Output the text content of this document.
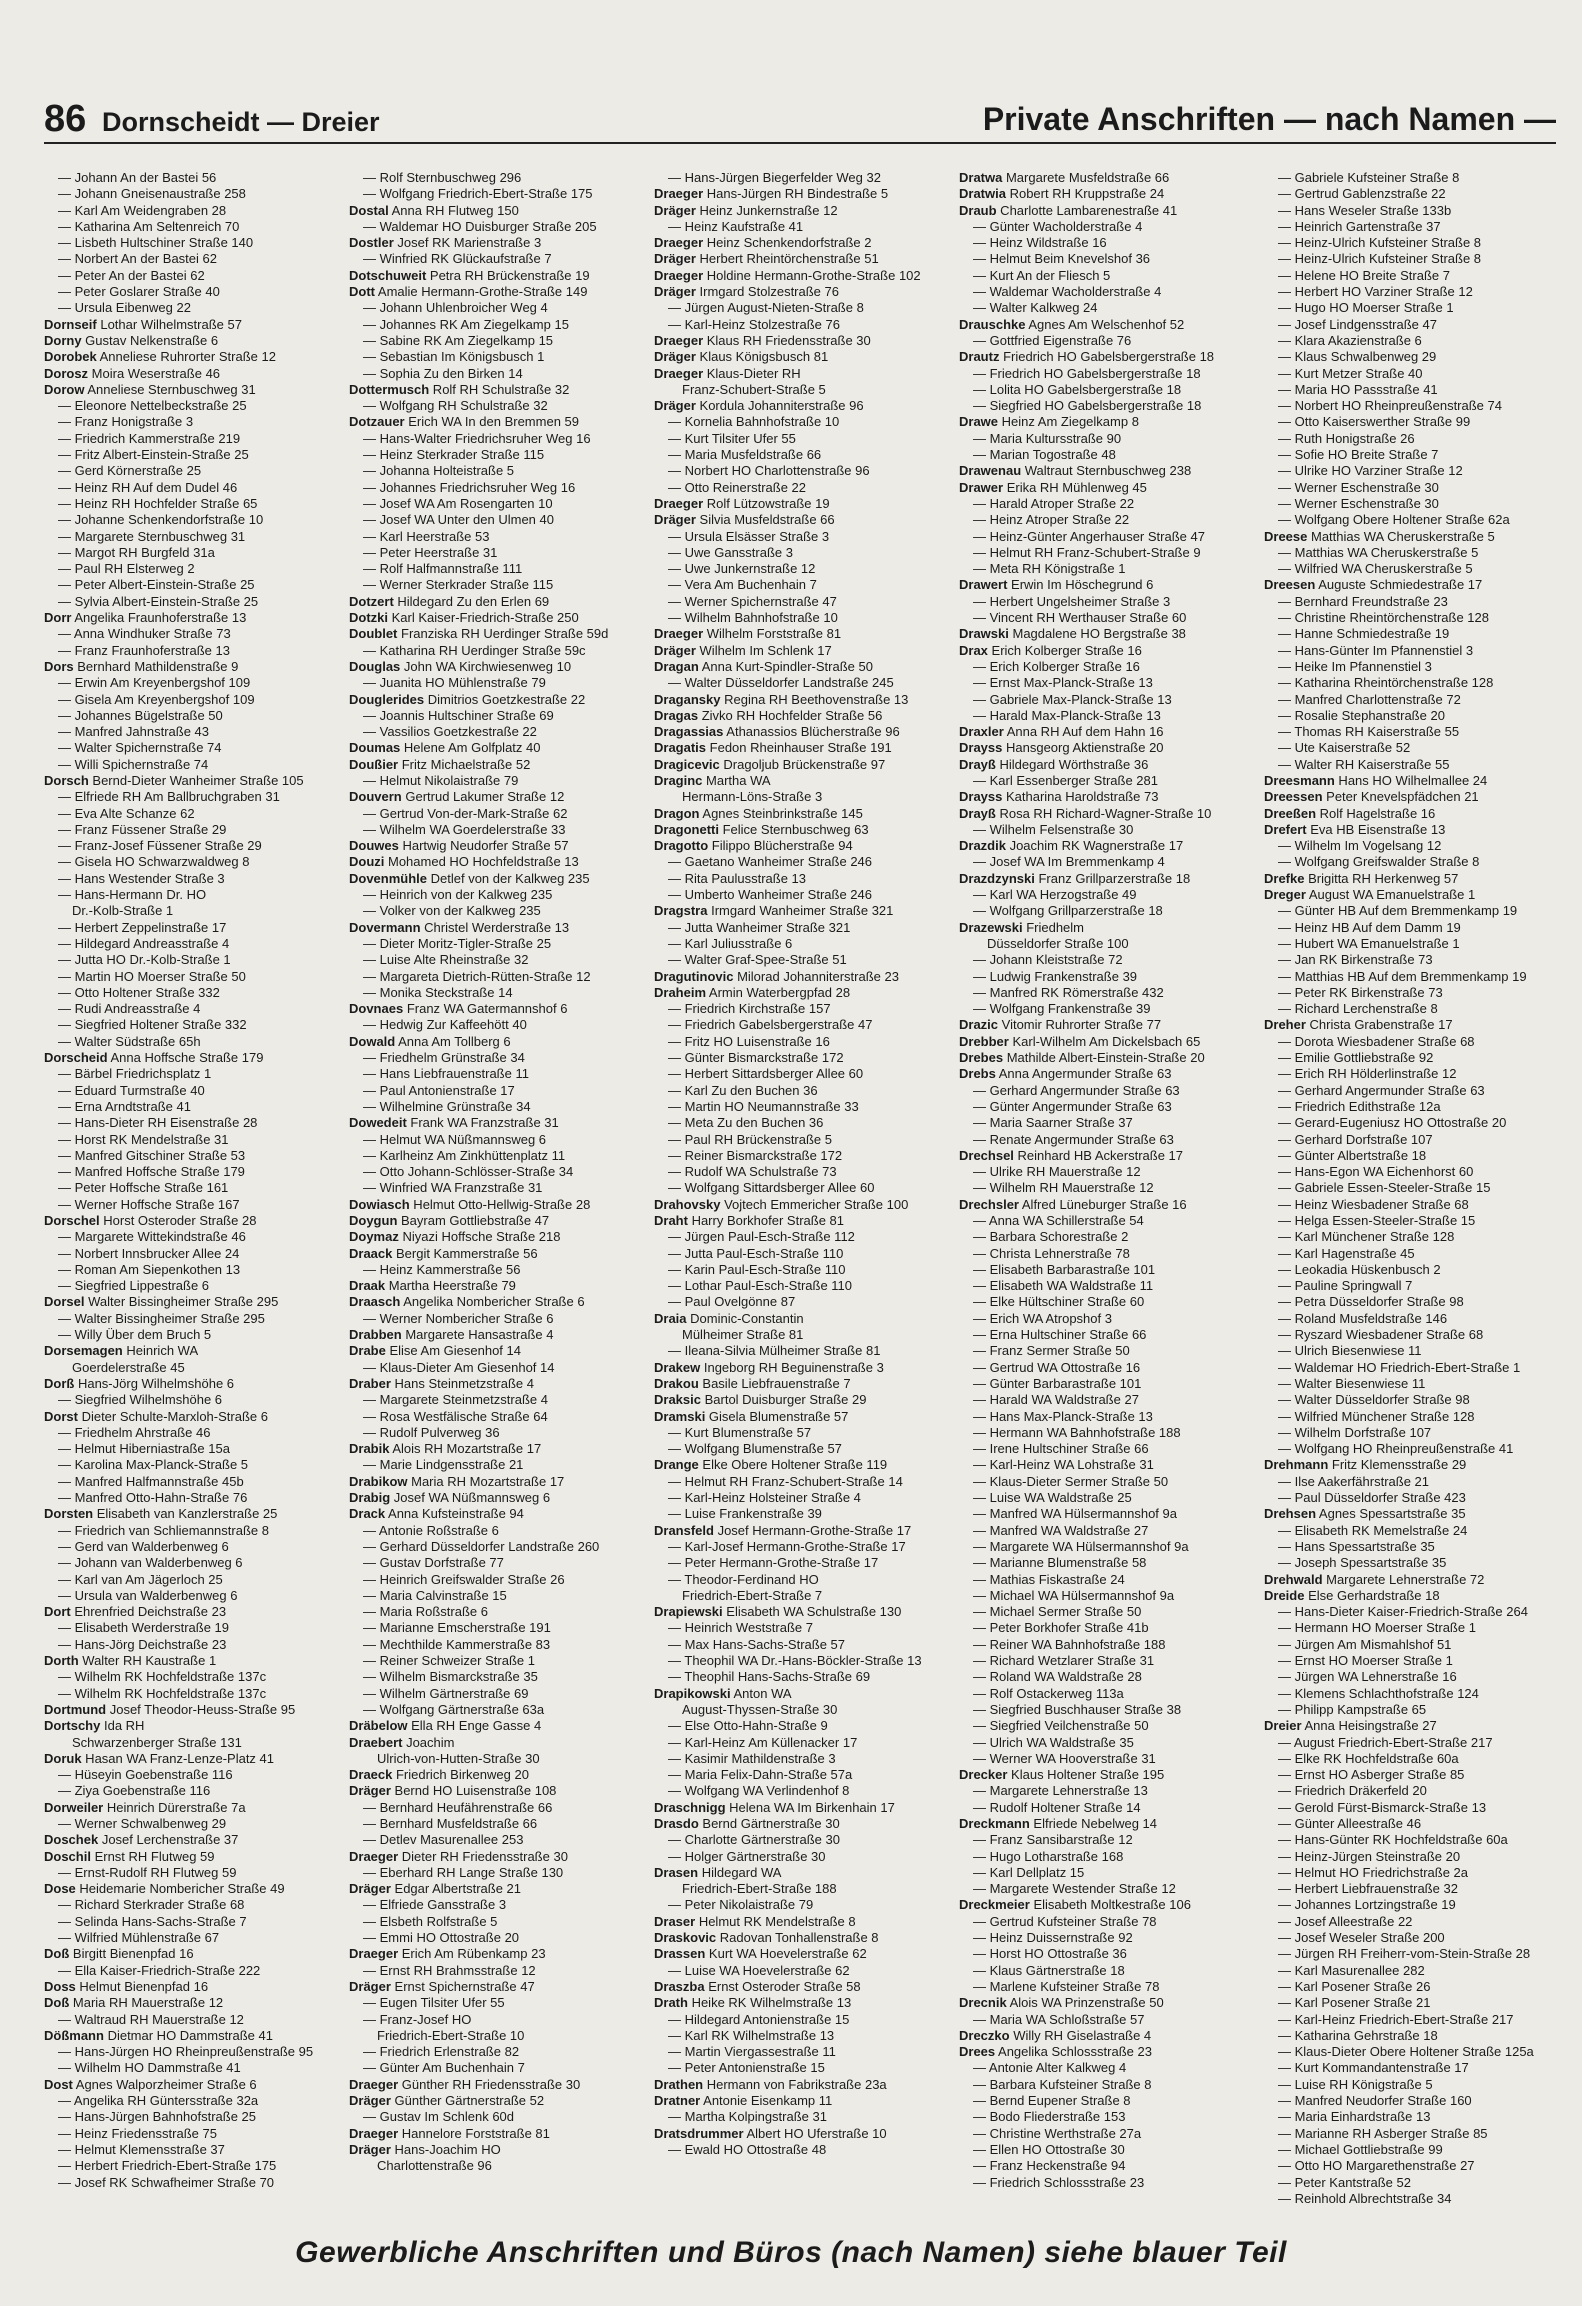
86 Dornscheidt — Dreier	Private Anschriften — nach Namen —
— Johann An der Bastei 56
— Johann Gneisenaustraße 258
— Karl Am Weidengraben 28
— Katharina Am Seltenreich 70
— Lisbeth Hultschiner Straße 140
— Norbert An der Bastei 62
— Peter An der Bastei 62
— Peter Goslarer Straße 40
— Ursula Eibenweg 22
Dornseif Lothar Wilhelmstraße 57
Dorny Gustav Nelkenstraße 6
Dorobek Anneliese Ruhrorter Straße 12
Dorosz Moira Weserstraße 46
Dorow Anneliese Sternbuschweg 31
— Eleonore Nettelbeckstraße 25
— Franz Honigstraße 3
— Friedrich Kammerstraße 219
— Fritz Albert-Einstein-Straße 25
— Gerd Körnerstraße 25
— Heinz RH Auf dem Dudel 46
— Heinz RH Hochfelder Straße 65
— Johanne Schenkendorfstraße 10
— Margarete Sternbuschweg 31
— Margot RH Burgfeld 31a
— Paul RH Elsterweg 2
— Peter Albert-Einstein-Straße 25
— Sylvia Albert-Einstein-Straße 25
Dorr Angelika Fraunhoferstraße 13
— Anna Windhuker Straße 73
— Franz Fraunhoferstraße 13
Dors Bernhard Mathildenstraße 9
— Erwin Am Kreyenbergshof 109
— Gisela Am Kreyenbergshof 109
— Johannes Bügelstraße 50
— Manfred Jahnstraße 43
— Walter Spichernstraße 74
— Willi Spichernstraße 74
Dorsch Bernd-Dieter Wanheimer Straße 105
— Elfriede RH Am Ballbruchgraben 31
— Eva Alte Schanze 62
— Franz Füssener Straße 29
— Franz-Josef Füssener Straße 29
— Gisela HO Schwarzwaldweg 8
— Hans Westender Straße 3
— Hans-Hermann Dr. HO
Dr.-Kolb-Straße 1
— Herbert Zeppelinstraße 17
— Hildegard Andreasstraße 4
— Jutta HO Dr.-Kolb-Straße 1
— Martin HO Moerser Straße 50
— Otto Holtener Straße 332
— Rudi Andreasstraße 4
— Siegfried Holtener Straße 332
— Walter Südstraße 65h
Dorscheid Anna Hoffsche Straße 179
— Bärbel Friedrichsplatz 1
— Eduard Turmstraße 40
— Erna Arndtstraße 41
— Hans-Dieter RH Eisenstraße 28
— Horst RK Mendelstraße 31
— Manfred Gitschiner Straße 53
— Manfred Hoffsche Straße 179
— Peter Hoffsche Straße 161
— Werner Hoffsche Straße 167
Dorschel Horst Osteroder Straße 28
— Margarete Wittekindstraße 46
— Norbert Innsbrucker Allee 24
— Roman Am Siepenkothen 13
— Siegfried Lippestraße 6
Dorsel Walter Bissingheimer Straße 295
— Walter Bissingheimer Straße 295
— Willy Über dem Bruch 5
Dorsemagen Heinrich WA
Goerdelerstraße 45
Dorß Hans-Jörg Wilhelmshöhe 6
— Siegfried Wilhelmshöhe 6
Dorst Dieter Schulte-Marxloh-Straße 6
— Friedhelm Ahrstraße 46
— Helmut Hiberniastraße 15a
— Karolina Max-Planck-Straße 5
— Manfred Halfmannstraße 45b
— Manfred Otto-Hahn-Straße 76
Dorsten Elisabeth van Kanzlerstraße 25
— Friedrich van Schliemannstraße 8
— Gerd van Walderbenweg 6
— Johann van Walderbenweg 6
— Karl van Am Jägerloch 25
— Ursula van Walderbenweg 6
Dort Ehrenfried Deichstraße 23
— Elisabeth Werderstraße 19
— Hans-Jörg Deichstraße 23
Dorth Walter RH Kaustraße 1
— Wilhelm RK Hochfeldstraße 137c
— Wilhelm RK Hochfeldstraße 137c
Dortmund Josef Theodor-Heuss-Straße 95
Dortschy Ida RH
Schwarzenberger Straße 131
Doruk Hasan WA Franz-Lenze-Platz 41
— Hüseyin Goebenstraße 116
— Ziya Goebenstraße 116
Dorweiler Heinrich Dürerstraße 7a
— Werner Schwalbenweg 29
Doschek Josef Lerchenstraße 37
Doschil Ernst RH Flutweg 59
— Ernst-Rudolf RH Flutweg 59
Dose Heidemarie Nombericher Straße 49
— Richard Sterkrader Straße 68
— Selinda Hans-Sachs-Straße 7
— Wilfried Mühlenstraße 67
Doß Birgitt Bienenpfad 16
— Ella Kaiser-Friedrich-Straße 222
Doss Helmut Bienenpfad 16
Doß Maria RH Mauerstraße 12
— Waltraud RH Mauerstraße 12
Dößmann Dietmar HO Dammstraße 41
— Hans-Jürgen HO Rheinpreußenstraße 95
— Wilhelm HO Dammstraße 41
Dost Agnes Walporzheimer Straße 6
— Angelika RH Güntersstraße 32a
— Hans-Jürgen Bahnhofstraße 25
— Heinz Friedensstraße 75
— Helmut Klemensstraße 37
— Herbert Friedrich-Ebert-Straße 175
— Josef RK Schwafheimer Straße 70
— Rolf Sternbuschweg 296
— Wolfgang Friedrich-Ebert-Straße 175
Dostal Anna RH Flutweg 150
— Waldemar HO Duisburger Straße 205
Dostler Josef RK Marienstraße 3
— Winfried RK Glückaufstraße 7
Dotschuweit Petra RH Brückenstraße 19
Dott Amalie Hermann-Grothe-Straße 149
— Johann Uhlenbroicher Weg 4
— Johannes RK Am Ziegelkamp 15
— Sabine RK Am Ziegelkamp 15
— Sebastian Im Königsbusch 1
— Sophia Zu den Birken 14
Dottermusch Rolf RH Schulstraße 32
— Wolfgang RH Schulstraße 32
Dotzauer Erich WA In den Bremmen 59
— Hans-Walter Friedrichsruher Weg 16
— Heinz Sterkrader Straße 115
— Johanna Holteistraße 5
— Johannes Friedrichsruher Weg 16
— Josef WA Am Rosengarten 10
— Josef WA Unter den Ulmen 40
— Karl Heerstraße 53
— Peter Heerstraße 31
— Rolf Halfmannstraße 111
— Werner Sterkrader Straße 115
Dotzert Hildegard Zu den Erlen 69
Dotzki Karl Kaiser-Friedrich-Straße 250
Doublet Franziska RH Uerdinger Straße 59d
— Katharina RH Uerdinger Straße 59c
Douglas John WA Kirchwiesenweg 10
— Juanita HO Mühlenstraße 79
Douglerides Dimitrios Goetzkestraße 22
— Joannis Hultschiner Straße 69
— Vassilios Goetzkestraße 22
Doumas Helene Am Golfplatz 40
Doußier Fritz Michaelstraße 52
— Helmut Nikolaistraße 79
Douvern Gertrud Lakumer Straße 12
— Gertrud Von-der-Mark-Straße 62
— Wilhelm WA Goerdelerstraße 33
Douwes Hartwig Neudorfer Straße 57
Douzi Mohamed HO Hochfeldstraße 13
Dovenmühle Detlef von der Kalkweg 235
— Heinrich von der Kalkweg 235
— Volker von der Kalkweg 235
Dovermann Christel Werderstraße 13
— Dieter Moritz-Tigler-Straße 25
— Luise Alte Rheinstraße 32
— Margareta Dietrich-Rütten-Straße 12
— Monika Steckstraße 14
Dovnaes Franz WA Gatermannshof 6
— Hedwig Zur Kaffeehött 40
Dowald Anna Am Tollberg 6
— Friedhelm Grünstraße 34
— Hans Liebfrauenstraße 11
— Paul Antonienstraße 17
— Wilhelmine Grünstraße 34
Dowedeit Frank WA Franzstraße 31
— Helmut WA Nüßmannsweg 6
— Karlheinz Am Zinkhüttenplatz 11
— Otto Johann-Schlösser-Straße 34
— Winfried WA Franzstraße 31
Dowiasch Helmut Otto-Hellwig-Straße 28
Doygun Bayram Gottliebstraße 47
Doymaz Niyazi Hoffsche Straße 218
Draack Bergit Kammerstraße 56
— Heinz Kammerstraße 56
Draak Martha Heerstraße 79
Draasch Angelika Nombericher Straße 6
— Werner Nombericher Straße 6
Drabben Margarete Hansastraße 4
Drabe Elise Am Giesenhof 14
— Klaus-Dieter Am Giesenhof 14
Draber Hans Steinmetzstraße 4
— Margarete Steinmetzstraße 4
— Rosa Westfälische Straße 64
— Rudolf Pulverweg 36
Drabik Alois RH Mozartstraße 17
— Marie Lindgensstraße 21
Drabikow Maria RH Mozartstraße 17
Drabig Josef WA Nüßmannsweg 6
Drack Anna Kufsteinstraße 94
— Antonie Roßstraße 6
— Gerhard Düsseldorfer Landstraße 260
— Gustav Dorfstraße 77
— Heinrich Greifswalder Straße 26
— Maria Calvinstraße 15
— Maria Roßstraße 6
— Marianne Emscherstraße 191
— Mechthilde Kammerstraße 83
— Reiner Schweizer Straße 1
— Wilhelm Bismarckstraße 35
— Wilhelm Gärtnerstraße 69
— Wolfgang Gärtnerstraße 63a
Dräbelow Ella RH Enge Gasse 4
Draebert Joachim
Ulrich-von-Hutten-Straße 30
Draeck Friedrich Birkenweg 20
Dräger Bernd HO Luisenstraße 108
— Bernhard Heufährenstraße 66
— Bernhard Musfeldstraße 66
— Detlev Masurenallee 253
Draeger Dieter RH Friedensstraße 30
— Eberhard RH Lange Straße 130
Dräger Edgar Albertstraße 21
— Elfriede Gansstraße 3
— Elsbeth Rolfstraße 5
— Emmi HO Ottostraße 20
Draeger Erich Am Rübenkamp 23
— Ernst RH Brahmsstraße 12
Dräger Ernst Spichernstraße 47
— Eugen Tilsiter Ufer 55
— Franz-Josef HO
Friedrich-Ebert-Straße 10
— Friedrich Erlenstraße 82
— Günter Am Buchenhain 7
Draeger Günther RH Friedensstraße 30
Dräger Günther Gärtnerstraße 52
— Gustav Im Schlenk 60d
Draeger Hannelore Forststraße 81
Dräger Hans-Joachim HO
Charlottenstraße 96
— Hans-Jürgen Biegerfelder Weg 32
Draeger Hans-Jürgen RH Bindestraße 5
Dräger Heinz Junkernstraße 12
— Heinz Kaufstraße 41
Draeger Heinz Schenkendorfstraße 2
Dräger Herbert Rheintörchenstraße 51
Draeger Holdine Hermann-Grothe-Straße 102
Dräger Irmgard Stolzestraße 76
— Jürgen August-Nieten-Straße 8
— Karl-Heinz Stolzestraße 76
Draeger Klaus RH Friedensstraße 30
Dräger Klaus Königsbusch 81
Draeger Klaus-Dieter RH
Franz-Schubert-Straße 5
Dräger Kordula Johanniterstraße 96
— Kornelia Bahnhofstraße 10
— Kurt Tilsiter Ufer 55
— Maria Musfeldstraße 66
— Norbert HO Charlottenstraße 96
— Otto Reinerstraße 22
Draeger Rolf Lützowstraße 19
Dräger Silvia Musfeldstraße 66
— Ursula Elsässer Straße 3
— Uwe Gansstraße 3
— Uwe Junkernstraße 12
— Vera Am Buchenhain 7
— Werner Spichernstraße 47
— Wilhelm Bahnhofstraße 10
Draeger Wilhelm Forststraße 81
Dräger Wilhelm Im Schlenk 17
Dragan Anna Kurt-Spindler-Straße 50
— Walter Düsseldorfer Landstraße 245
Dragansky Regina RH Beethovenstraße 13
Dragas Zivko RH Hochfelder Straße 56
Dragassias Athanassios Blücherstraße 96
Dragatis Fedon Rheinhauser Straße 191
Dragicevic Dragoljub Brückenstraße 97
Draginc Martha WA
Hermann-Löns-Straße 3
Dragon Agnes Steinbrinkstraße 145
Dragonetti Felice Sternbuschweg 63
Dragotto Filippo Blücherstraße 94
— Gaetano Wanheimer Straße 246
— Rita Paulusstraße 13
— Umberto Wanheimer Straße 246
Dragstra Irmgard Wanheimer Straße 321
— Jutta Wanheimer Straße 321
— Karl Juliusstraße 6
— Walter Graf-Spee-Straße 51
Dragutinovic Milorad Johanniterstraße 23
Draheim Armin Waterbergpfad 28
— Friedrich Kirchstraße 157
— Friedrich Gabelsbergerstraße 47
— Fritz HO Luisenstraße 16
— Günter Bismarckstraße 172
— Herbert Sittardsberger Allee 60
— Karl Zu den Buchen 36
— Martin HO Neumannstraße 33
— Meta Zu den Buchen 36
— Paul RH Brückenstraße 5
— Reiner Bismarckstraße 172
— Rudolf WA Schulstraße 73
— Wolfgang Sittardsberger Allee 60
Drahovsky Vojtech Emmericher Straße 100
Draht Harry Borkhofer Straße 81
— Jürgen Paul-Esch-Straße 112
— Jutta Paul-Esch-Straße 110
— Karin Paul-Esch-Straße 110
— Lothar Paul-Esch-Straße 110
— Paul Ovelgönne 87
Draia Dominic-Constantin
Mülheimer Straße 81
— Ileana-Silvia Mülheimer Straße 81
Drakew Ingeborg RH Beguinenstraße 3
Drakou Basile Liebfrauenstraße 7
Draksic Bartol Duisburger Straße 29
Dramski Gisela Blumenstraße 57
— Kurt Blumenstraße 57
— Wolfgang Blumenstraße 57
Drange Elke Obere Holtener Straße 119
— Helmut RH Franz-Schubert-Straße 14
— Karl-Heinz Holsteiner Straße 4
— Luise Frankenstraße 39
Dransfeld Josef Hermann-Grothe-Straße 17
— Karl-Josef Hermann-Grothe-Straße 17
— Peter Hermann-Grothe-Straße 17
— Theodor-Ferdinand HO
Friedrich-Ebert-Straße 7
Drapiewski Elisabeth WA Schulstraße 130
— Heinrich Weststraße 7
— Max Hans-Sachs-Straße 57
— Theophil WA Dr.-Hans-Böckler-Straße 13
— Theophil Hans-Sachs-Straße 69
Drapikowski Anton WA
August-Thyssen-Straße 30
— Else Otto-Hahn-Straße 9
— Karl-Heinz Am Küllenacker 17
— Kasimir Mathildenstraße 3
— Maria Felix-Dahn-Straße 57a
— Wolfgang WA Verlindenhof 8
Draschnigg Helena WA Im Birkenhain 17
Drasdo Bernd Gärtnerstraße 30
— Charlotte Gärtnerstraße 30
— Holger Gärtnerstraße 30
Drasen Hildegard WA
Friedrich-Ebert-Straße 188
— Peter Nikolaistraße 79
Draser Helmut RK Mendelstraße 8
Draskovic Radovan Tonhallenstraße 8
Drassen Kurt WA Hoevelerstraße 62
— Luise WA Hoevelerstraße 62
Draszba Ernst Osteroder Straße 58
Drath Heike RK Wilhelmstraße 13
— Hildegard Antonienstraße 15
— Karl RK Wilhelmstraße 13
— Martin Viergassestraße 11
— Peter Antonienstraße 15
Drathen Hermann von Fabrikstraße 23a
Dratner Antonie Eisenkamp 11
— Martha Kolpingstraße 31
Dratsdrummer Albert HO Uferstraße 10
— Ewald HO Ottostraße 48
Dratwa Margarete Musfeldstraße 66
Dratwia Robert RH Kruppstraße 24
Draub Charlotte Lambarenestraße 41
— Günter Wacholderstraße 4
— Heinz Wildstraße 16
— Helmut Beim Knevelshof 36
— Kurt An der Fliesch 5
— Waldemar Wacholderstraße 4
— Walter Kalkweg 24
Drauschke Agnes Am Welschenhof 52
— Gottfried Eigenstraße 76
Drautz Friedrich HO Gabelsbergerstraße 18
— Friedrich HO Gabelsbergerstraße 18
— Lolita HO Gabelsbergerstraße 18
— Siegfried HO Gabelsbergerstraße 18
Drawe Heinz Am Ziegelkamp 8
— Maria Kultursstraße 90
— Marian Togostraße 48
Drawenau Waltraut Sternbuschweg 238
Drawer Erika RH Mühlenweg 45
— Harald Atroper Straße 22
— Heinz Atroper Straße 22
— Heinz-Günter Angerhauser Straße 47
— Helmut RH Franz-Schubert-Straße 9
— Meta RH Königstraße 1
Drawert Erwin Im Höschegrund 6
— Herbert Ungelsheimer Straße 3
— Vincent RH Werthauser Straße 60
Drawski Magdalene HO Bergstraße 38
Drax Erich Kolberger Straße 16
— Erich Kolberger Straße 16
— Ernst Max-Planck-Straße 13
— Gabriele Max-Planck-Straße 13
— Harald Max-Planck-Straße 13
Draxler Anna RH Auf dem Hahn 16
Drayss Hansgeorg Aktienstraße 20
Drayß Hildegard Wörthstraße 36
— Karl Essenberger Straße 281
Drayss Katharina Haroldstraße 73
Drayß Rosa RH Richard-Wagner-Straße 10
— Wilhelm Felsenstraße 30
Drazdik Joachim RK Wagnerstraße 17
— Josef WA Im Bremmenkamp 4
Drazdzynski Franz Grillparzerstraße 18
— Karl WA Herzogstraße 49
— Wolfgang Grillparzerstraße 18
Drazewski Friedhelm
Düsseldorfer Straße 100
— Johann Kleiststraße 72
— Ludwig Frankenstraße 39
— Manfred RK Römerstraße 432
— Wolfgang Frankenstraße 39
Drazic Vitomir Ruhrorter Straße 77
Drebber Karl-Wilhelm Am Dickelsbach 65
Drebes Mathilde Albert-Einstein-Straße 20
Drebs Anna Angermunder Straße 63
— Gerhard Angermunder Straße 63
— Günter Angermunder Straße 63
— Maria Saarner Straße 37
— Renate Angermunder Straße 63
Drechsel Reinhard HB Ackerstraße 17
— Ulrike RH Mauerstraße 12
— Wilhelm RH Mauerstraße 12
Drechsler Alfred Lüneburger Straße 16
— Anna WA Schillerstraße 54
— Barbara Schorestraße 2
— Christa Lehnerstraße 78
— Elisabeth Barbarastraße 101
— Elisabeth WA Waldstraße 11
— Elke Hültschiner Straße 60
— Erich WA Atropshof 3
— Erna Hultschiner Straße 66
— Franz Sermer Straße 50
— Gertrud WA Ottostraße 16
— Günter Barbarastraße 101
— Harald WA Waldstraße 27
— Hans Max-Planck-Straße 13
— Hermann WA Bahnhofstraße 188
— Irene Hultschiner Straße 66
— Karl-Heinz WA Lohstraße 31
— Klaus-Dieter Sermer Straße 50
— Luise WA Waldstraße 25
— Manfred WA Hülsermannshof 9a
— Manfred WA Waldstraße 27
— Margarete WA Hülsermannshof 9a
— Marianne Blumenstraße 58
— Mathias Fiskastraße 24
— Michael WA Hülsermannshof 9a
— Michael Sermer Straße 50
— Peter Borkhofer Straße 41b
— Reiner WA Bahnhofstraße 188
— Richard Wetzlarer Straße 31
— Roland WA Waldstraße 28
— Rolf Ostackerweg 113a
— Siegfried Buschhauser Straße 38
— Siegfried Veilchenstraße 50
— Ulrich WA Waldstraße 35
— Werner WA Hooverstraße 31
Drecker Klaus Holtener Straße 195
— Margarete Lehnerstraße 13
— Rudolf Holtener Straße 14
Dreckmann Elfriede Nebelweg 14
— Franz Sansibarstraße 12
— Hugo Lotharstraße 168
— Karl Dellplatz 15
— Margarete Westender Straße 12
Dreckmeier Elisabeth Moltkestraße 106
— Gertrud Kufsteiner Straße 78
— Heinz Duissernstraße 92
— Horst HO Ottostraße 36
— Klaus Gärtnerstraße 18
— Marlene Kufsteiner Straße 78
Drecnik Alois WA Prinzenstraße 50
— Maria WA Schloßstraße 57
Dreczko Willy RH Giselastraße 4
Drees Angelika Schlossstraße 23
— Antonie Alter Kalkweg 4
— Barbara Kufsteiner Straße 8
— Bernd Eupener Straße 8
— Bodo Fliederstraße 153
— Christine Werthstraße 27a
— Ellen HO Ottostraße 30
— Franz Heckenstraße 94
— Friedrich Schlossstraße 23
— Gabriele Kufsteiner Straße 8
— Gertrud Gablenzstraße 22
— Hans Weseler Straße 133b
— Heinrich Gartenstraße 37
— Heinz-Ulrich Kufsteiner Straße 8
— Heinz-Ulrich Kufsteiner Straße 8
— Helene HO Breite Straße 7
— Herbert HO Varziner Straße 12
— Hugo HO Moerser Straße 1
— Josef Lindgensstraße 47
— Klara Akazienstraße 6
— Klaus Schwalbenweg 29
— Kurt Metzer Straße 40
— Maria HO Passstraße 41
— Norbert HO Rheinpreußenstraße 74
— Otto Kaiserswerther Straße 99
— Ruth Honigstraße 26
— Sofie HO Breite Straße 7
— Ulrike HO Varziner Straße 12
— Werner Eschenstraße 30
— Werner Eschenstraße 30
— Wolfgang Obere Holtener Straße 62a
Dreese Matthias WA Cheruskerstraße 5
— Matthias WA Cheruskerstraße 5
— Wilfried WA Cheruskerstraße 5
Dreesen Auguste Schmiedestraße 17
— Bernhard Freundstraße 23
— Christine Rheintörchenstraße 128
— Hanne Schmiedestraße 19
— Hans-Günter Im Pfannenstiel 3
— Heike Im Pfannenstiel 3
— Katharina Rheintörchenstraße 128
— Manfred Charlottenstraße 72
— Rosalie Stephanstraße 20
— Thomas RH Kaiserstraße 55
— Ute Kaiserstraße 52
— Walter RH Kaiserstraße 55
Dreesmann Hans HO Wilhelmallee 24
Dreessen Peter Knevelspfädchen 21
Dreeßen Rolf Hagelstraße 16
Drefert Eva HB Eisenstraße 13
— Wilhelm Im Vogelsang 12
— Wolfgang Greifswalder Straße 8
Drefke Brigitta RH Herkenweg 57
Dreger August WA Emanuelstraße 1
— Günter HB Auf dem Bremmenkamp 19
— Heinz HB Auf dem Damm 19
— Hubert WA Emanuelstraße 1
— Jan RK Birkenstraße 73
— Matthias HB Auf dem Bremmenkamp 19
— Peter RK Birkenstraße 73
— Richard Lerchenstraße 8
Dreher Christa Grabenstraße 17
— Dorota Wiesbadener Straße 68
— Emilie Gottliebstraße 92
— Erich RH Hölderlinstraße 12
— Gerhard Angermunder Straße 63
— Friedrich Edithstraße 12a
— Gerard-Eugeniusz HO Ottostraße 20
— Gerhard Dorfstraße 107
— Günter Albertstraße 18
— Hans-Egon WA Eichenhorst 60
— Gabriele Essen-Steeler-Straße 15
— Heinz Wiesbadener Straße 68
— Helga Essen-Steeler-Straße 15
— Karl Münchener Straße 128
— Karl Hagenstraße 45
— Leokadia Hüskenbusch 2
— Pauline Springwall 7
— Petra Düsseldorfer Straße 98
— Roland Musfeldstraße 146
— Ryszard Wiesbadener Straße 68
— Ulrich Biesenwiese 11
— Waldemar HO Friedrich-Ebert-Straße 1
— Walter Biesenwiese 11
— Walter Düsseldorfer Straße 98
— Wilfried Münchener Straße 128
— Wilhelm Dorfstraße 107
— Wolfgang HO Rheinpreußenstraße 41
Drehmann Fritz Klemensstraße 29
— Ilse Aakerfährstraße 21
— Paul Düsseldorfer Straße 423
Drehsen Agnes Spessartstraße 35
— Elisabeth RK Memelstraße 24
— Hans Spessartstraße 35
— Joseph Spessartstraße 35
Drehwald Margarete Lehnerstraße 72
Dreide Else Gerhardstraße 18
— Hans-Dieter Kaiser-Friedrich-Straße 264
— Hermann HO Moerser Straße 1
— Jürgen Am Mismahlshof 51
— Ernst HO Moerser Straße 1
— Jürgen WA Lehnerstraße 16
— Klemens Schlachthofstraße 124
— Philipp Kampstraße 65
Dreier Anna Heisingstraße 27
— August Friedrich-Ebert-Straße 217
— Elke RK Hochfeldstraße 60a
— Ernst HO Asberger Straße 85
— Friedrich Dräkerfeld 20
— Gerold Fürst-Bismarck-Straße 13
— Günter Alleestraße 46
— Hans-Günter RK Hochfeldstraße 60a
— Heinz-Jürgen Steinstraße 20
— Helmut HO Friedrichstraße 2a
— Herbert Liebfrauenstraße 32
— Johannes Lortzingstraße 19
— Josef Alleestraße 22
— Josef Weseler Straße 200
— Jürgen RH Freiherr-vom-Stein-Straße 28
— Karl Masurenallee 282
— Karl Posener Straße 26
— Karl Posener Straße 21
— Karl-Heinz Friedrich-Ebert-Straße 217
— Katharina Gehrstraße 18
— Klaus-Dieter Obere Holtener Straße 125a
— Kurt Kommandantenstraße 17
— Luise RH Königstraße 5
— Manfred Neudorfer Straße 160
— Maria Einhardstraße 13
— Marianne RH Asberger Straße 85
— Michael Gottliebstraße 99
— Otto HO Margarethenstraße 27
— Peter Kantstraße 52
— Reinhold Albrechtstraße 34
Gewerbliche Anschriften und Büros (nach Namen) siehe blauer Teil
